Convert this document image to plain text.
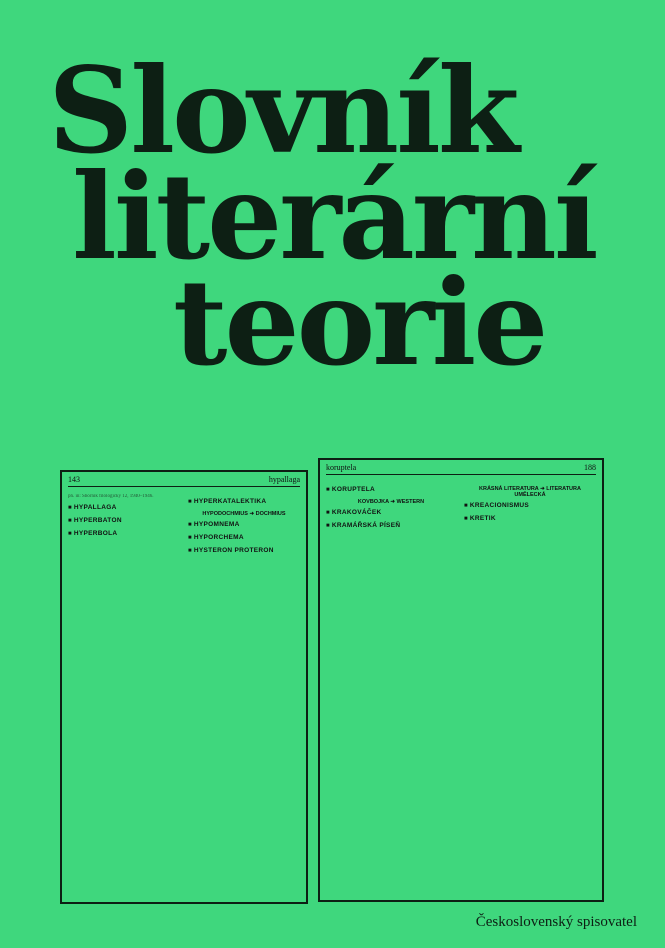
Slovník
literární
teorie
143	hypallaga
pň. in: Sborník filologický 12, 1940–1946.
■ HYPALLAGA
■ HYPERBATON
■ HYPERBOLA
■ HYPERKATALEKTIKA
HYPODOCHMIUS ➜ DOCHMIUS
■ HYPOMNEMA
■ HYPORCHEMA
■ HYSTERON PROTERON
koruptela	188
■ KORUPTELA
KOVBOJKA ➜ WESTERN
■ KRAKOVÁČEK
■ KRAMÁŘSKÁ PÍSEŇ
KRÁSNÁ LITERATURA ➜ LITERATURA UMĚLECKÁ
■ KREACIONISMUS
■ KRETIK

Československý spisovatel
